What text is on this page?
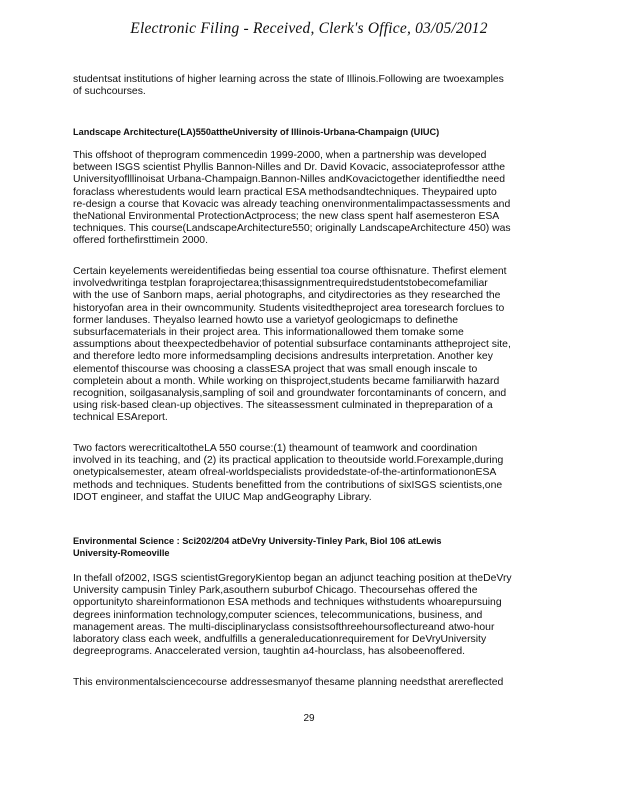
Electronic Filing - Received, Clerk's Office, 03/05/2012
studentsat institutions of higher learning across the state of Illinois.Following are twoexamples
of suchcourses.
Landscape Architecture(LA)550attheUniversity of Illinois-Urbana-Champaign (UIUC)
This offshoot of theprogram commencedin 1999-2000, when a partnership was developed
between ISGS scientist Phyllis Bannon-Nilles and Dr. David Kovacic, associateprofessor atthe
Universityoflllinoisat Urbana-Champaign.Bannon-Nilles andKovacictogether identifiedthe need
foraclass wherestudents would learn practical ESA methodsandtechniques. Theypaired upto
re-design a course that Kovacic was already teaching onenvironmentalimpactassessments and
theNational Environmental ProtectionActprocess; the new class spent half asemesteron ESA
techniques. This course(LandscapeArchitecture550; originally LandscapeArchitecture 450) was
offered forthefirsttimein 2000.
Certain keyelements wereidentifiedas being essential toa course ofthisnature. Thefirst element
involvedwritinga testplan foraprojectarea;thisassignmentrequiredstudentstobecomefamiliar
with the use of Sanborn maps, aerial photographs, and citydirectories as they researched the
historyofan area in their owncommunity. Students visitedtheproject area toresearch forclues to
former landuses. Theyalso learned howto use a varietyof geologicmaps to definethe
subsurfacematerials in their project area. This informationallowed them tomake some
assumptions about theexpectedbehavior of potential subsurface contaminants attheproject site,
and therefore ledto more informedsampling decisions andresults interpretation. Another key
elementof thiscourse was choosing a classESA project that was small enough inscale to
completein about a month. While working on thisproject,students became familiarwith hazard
recognition, soilgasanalysis,sampling of soil and groundwater forcontaminants of concern, and
using risk-based clean-up objectives. The siteassessment culminated in thepreparation of a
technical ESAreport.
Two factors werecriticaltotheLA 550 course:(1) theamount of teamwork and coordination
involved in its teaching, and (2) its practical application to theoutside world.Forexample,during
onetypicalsemester, ateam ofreal-worldspecialists providedstate-of-the-artinformationonESA
methods and techniques. Students benefitted from the contributions of sixISGS scientists,one
IDOT engineer, and staffat the UIUC Map andGeography Library.
Environmental Science : Sci202/204 atDeVry University-Tinley Park, Biol 106 atLewis
University-Romeoville
In thefall of2002, ISGS scientistGregoryKientop began an adjunct teaching position at theDeVry
University campusin Tinley Park,asouthern suburbof Chicago. Thecoursehas offered the
opportunityto shareinformationon ESA methods and techniques withstudents whoarepursuing
degrees ininformation technology,computer sciences, telecommunications, business, and
management areas. The multi-disciplinaryclass consistsofthreehoursoflectureand atwo-hour
laboratory class each week, andfulfills a generaleducationrequirement for DeVryUniversity
degreeprograms. Anaccelerated version, taughtin a4-hourclass, has alsobeenoffered.
This environmentalsciencecourse addressesmanyof thesame planning needsthat arereflected
29
